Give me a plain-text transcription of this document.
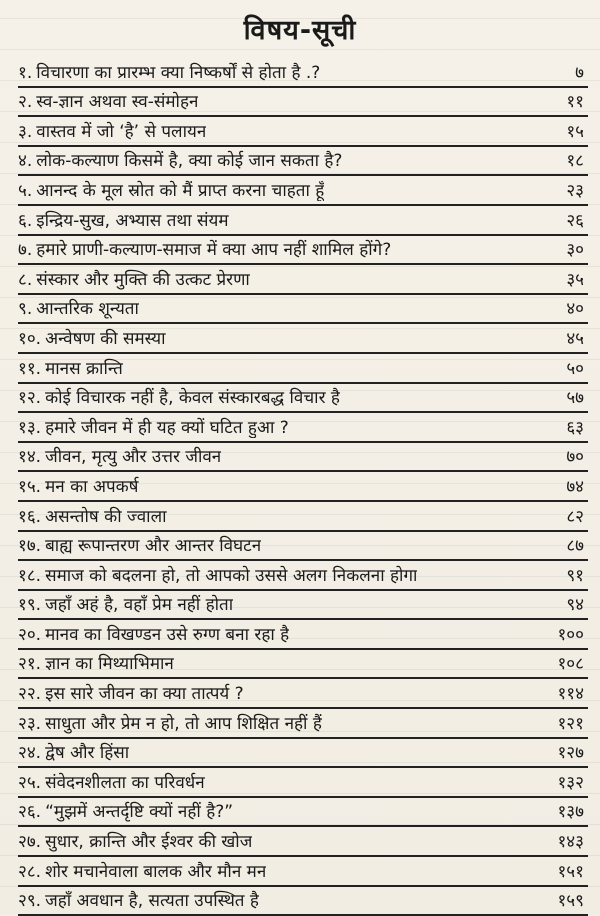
विषय-सूची
१. विचारणा का प्रारम्भ क्या निष्कर्षों से होता है .?	७
२. स्व-ज्ञान अथवा स्व-संमोहन	११
३. वास्तव में जो ‘है’ से पलायन	१५
४. लोक-कल्याण किसमें है, क्या कोई जान सकता है?	१८
५. आनन्द के मूल स्रोत को मैं प्राप्त करना चाहता हूँ	२३
६. इन्द्रिय-सुख, अभ्यास तथा संयम	२६
७. हमारे प्राणी-कल्याण-समाज में क्या आप नहीं शामिल होंगे?	३०
८. संस्कार और मुक्ति की उत्कट प्रेरणा	३५
९. आन्तरिक शून्यता	४०
१०. अन्वेषण की समस्या	४५
११. मानस क्रान्ति	५०
१२. कोई विचारक नहीं है, केवल संस्कारबद्ध विचार है	५७
१३. हमारे जीवन में ही यह क्यों घटित हुआ ?	६३
१४. जीवन, मृत्यु और उत्तर जीवन	७०
१५. मन का अपकर्ष	७४
१६. असन्तोष की ज्वाला	८२
१७. बाह्य रूपान्तरण और आन्तर विघटन	८७
१८. समाज को बदलना हो, तो आपको उससे अलग निकलना होगा	९१
१९. जहाँ अहं है, वहाँ प्रेम नहीं होता	९४
२०. मानव का विखण्डन उसे रुग्ण बना रहा है	१००
२१. ज्ञान का मिथ्याभिमान	१०८
२२. इस सारे जीवन का क्या तात्पर्य ?	११४
२३. साधुता और प्रेम न हो, तो आप शिक्षित नहीं हैं	१२१
२४. द्वेष और हिंसा	१२७
२५. संवेदनशीलता का परिवर्धन	१३२
२६. “मुझमें अन्तर्दृष्टि क्यों नहीं है?”	१३७
२७. सुधार, क्रान्ति और ईश्वर की खोज	१४३
२८. शोर मचानेवाला बालक और मौन मन	१५१
२९. जहाँ अवधान है, सत्यता उपस्थित है	१५९
